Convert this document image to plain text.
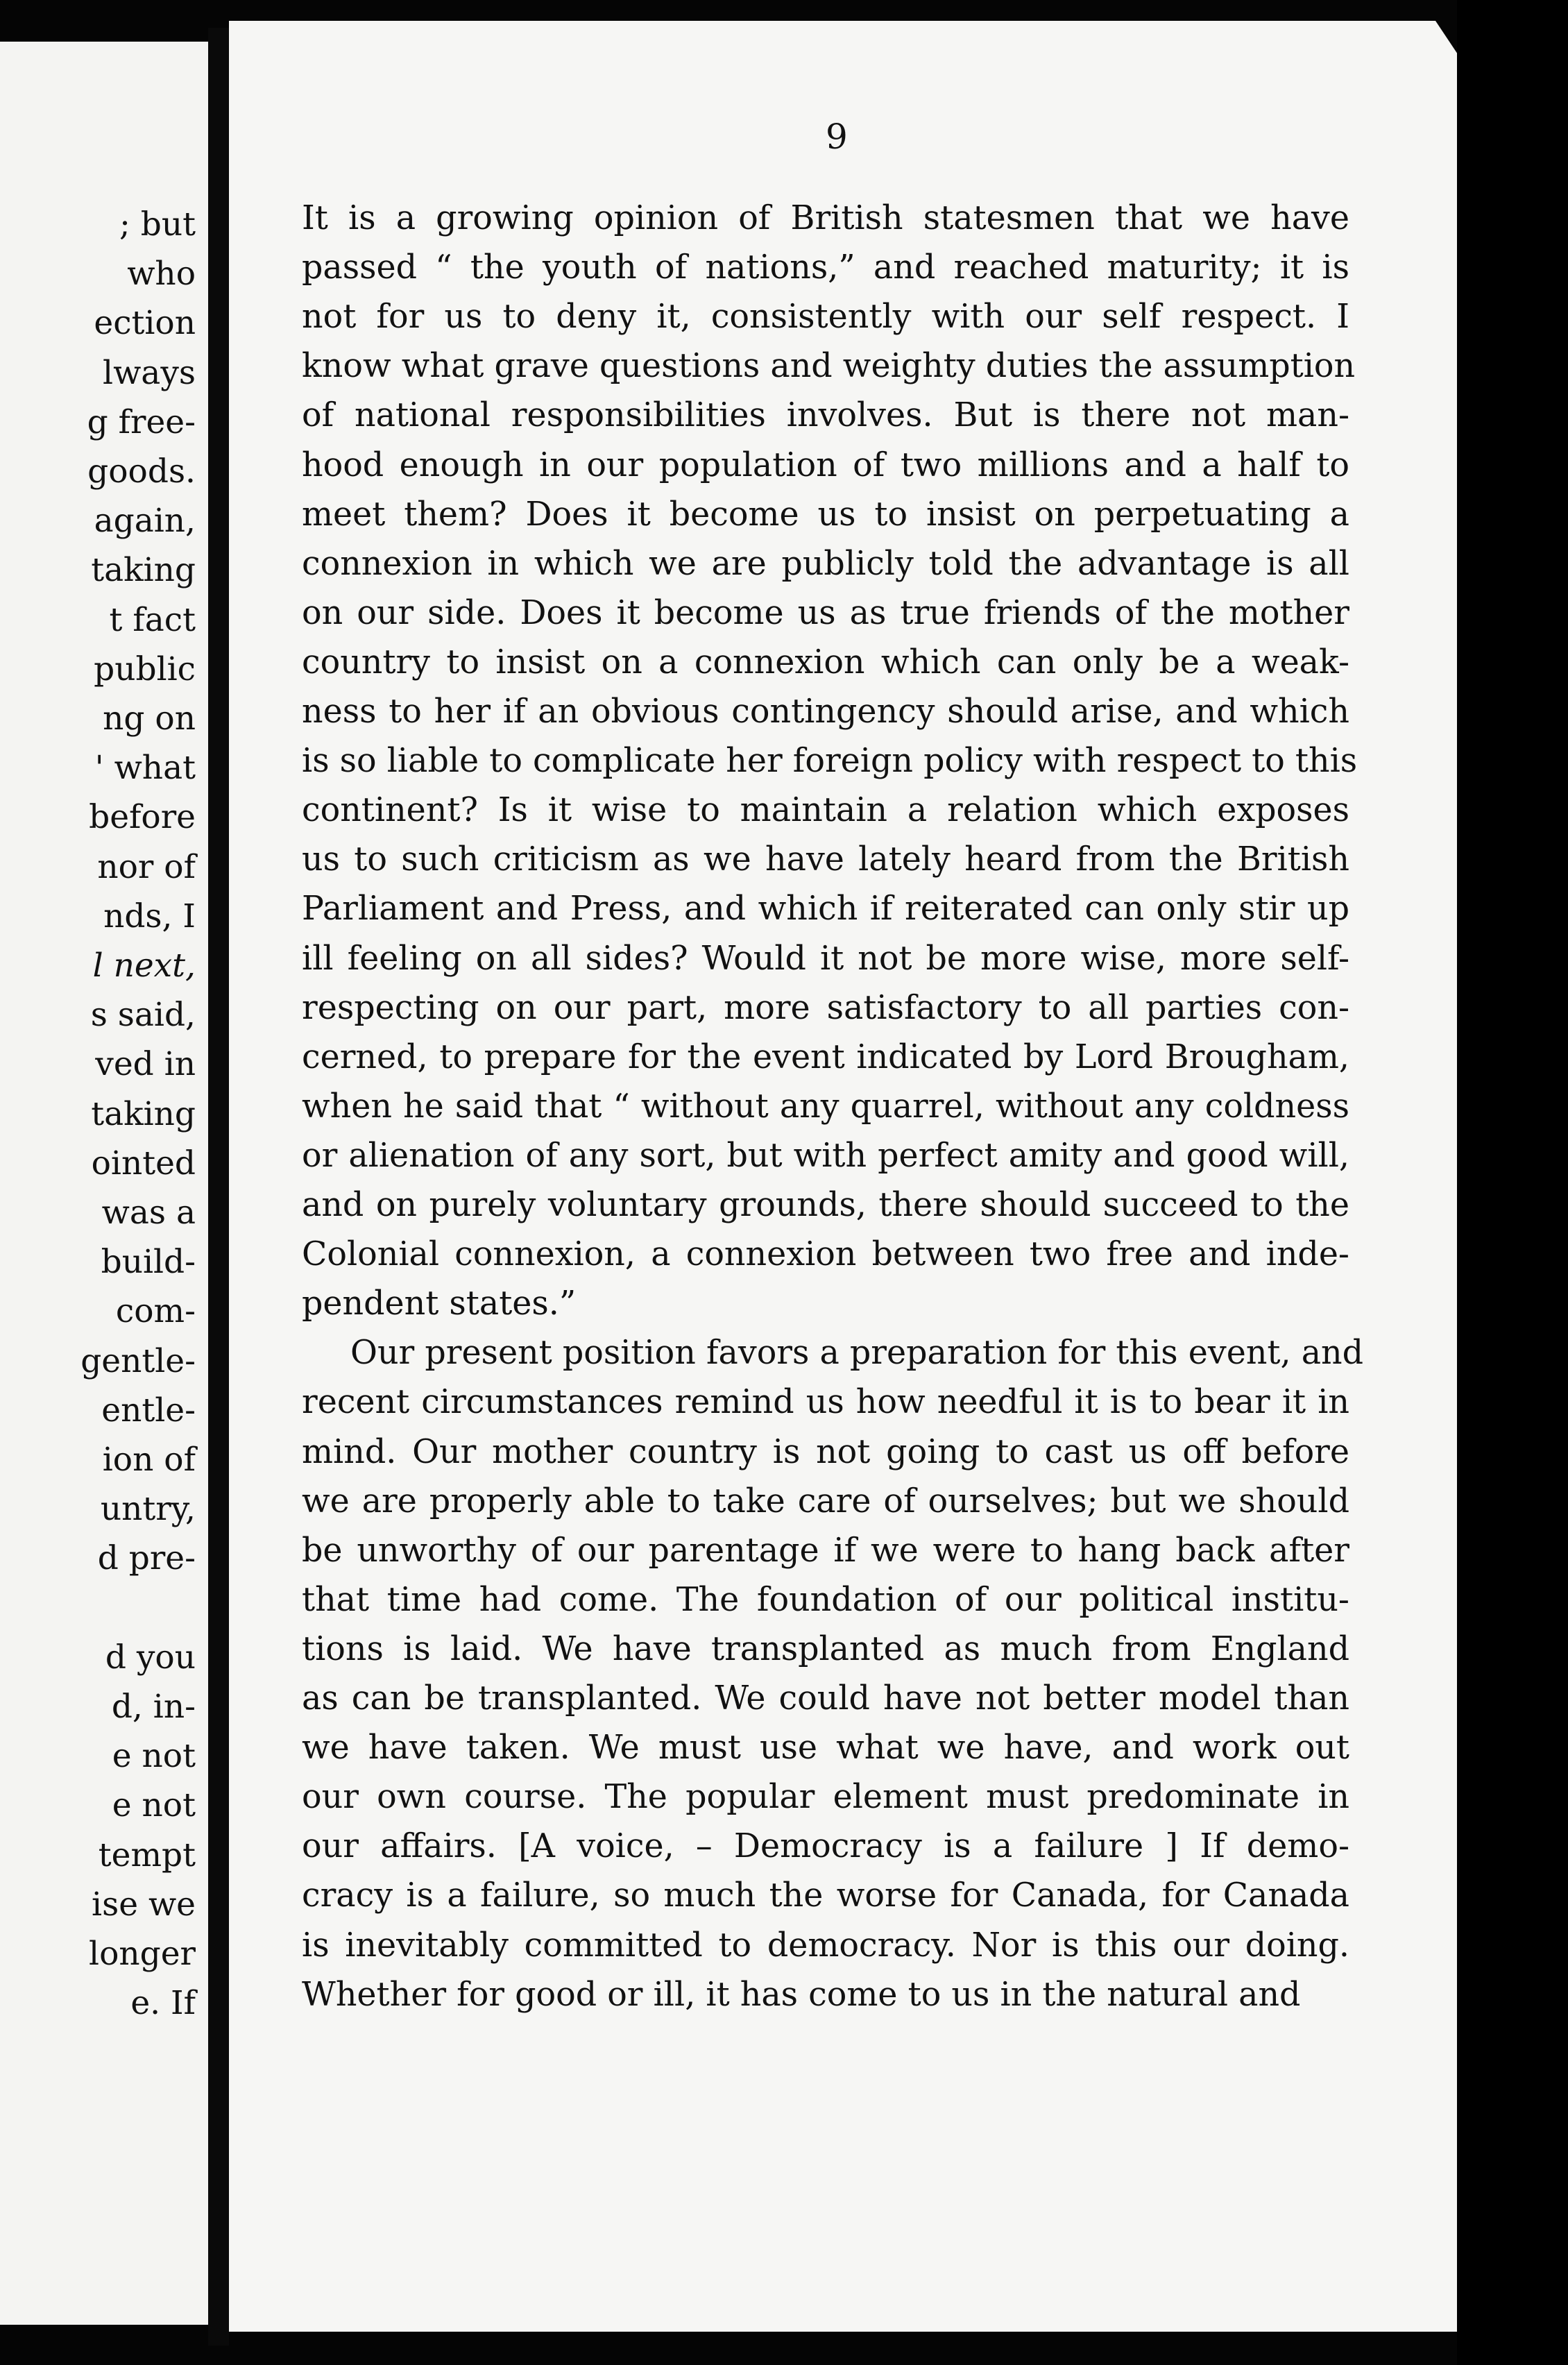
; but
who
ection
lways
g free-
goods.
again,
taking
t fact
public
ng on
' what
before
nor of
nds, I
l next,
s said,
ved in
taking
ointed
was a
build-
com-
gentle-
entle-
ion of
untry,
d pre-
d you
d, in-
e not
e not
tempt
ise we
longer
e. If
9
It is a growing opinion of British statesmen that we have
passed “ the youth of nations,” and reached maturity; it is
not for us to deny it, consistently with our self respect. I
know what grave questions and weighty duties the assumption
of national responsibilities involves. But is there not man-
hood enough in our population of two millions and a half to
meet them? Does it become us to insist on perpetuating a
connexion in which we are publicly told the advantage is all
on our side. Does it become us as true friends of the mother
country to insist on a connexion which can only be a weak-
ness to her if an obvious contingency should arise, and which
is so liable to complicate her foreign policy with respect to this
continent? Is it wise to maintain a relation which exposes
us to such criticism as we have lately heard from the British
Parliament and Press, and which if reiterated can only stir up
ill feeling on all sides? Would it not be more wise, more self-
respecting on our part, more satisfactory to all parties con-
cerned, to prepare for the event indicated by Lord Brougham,
when he said that “ without any quarrel, without any coldness
or alienation of any sort, but with perfect amity and good will,
and on purely voluntary grounds, there should succeed to the
Colonial connexion, a connexion between two free and inde-
pendent states.”
Our present position favors a preparation for this event, and
recent circumstances remind us how needful it is to bear it in
mind. Our mother country is not going to cast us off before
we are properly able to take care of ourselves; but we should
be unworthy of our parentage if we were to hang back after
that time had come. The foundation of our political institu-
tions is laid. We have transplanted as much from England
as can be transplanted. We could have not better model than
we have taken. We must use what we have, and work out
our own course. The popular element must predominate in
our affairs. [A voice, – Democracy is a failure ] If demo-
cracy is a failure, so much the worse for Canada, for Canada
is inevitably committed to democracy. Nor is this our doing.
Whether for good or ill, it has come to us in the natural and
